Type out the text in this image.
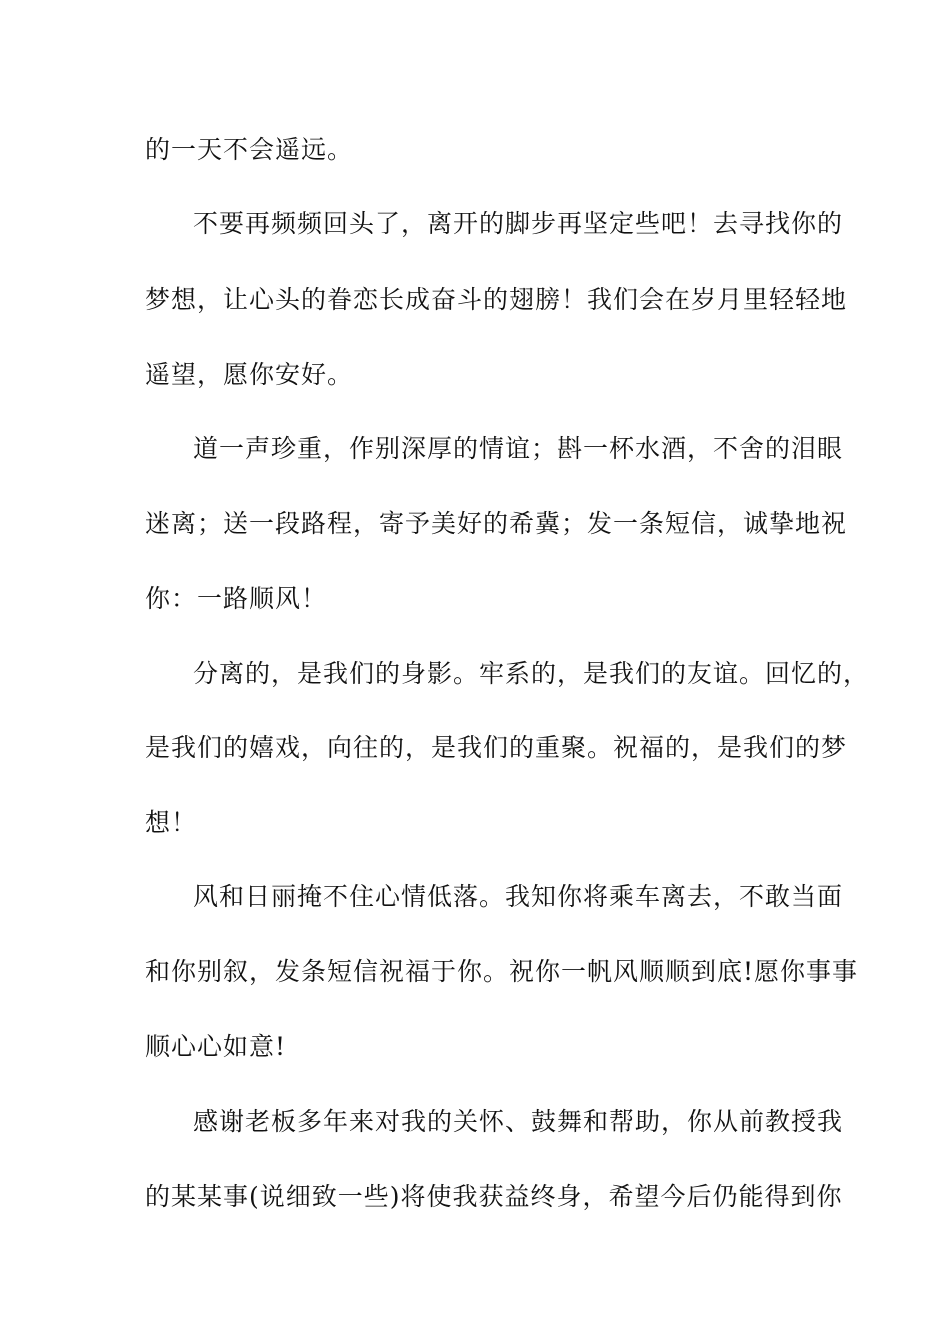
的一天不会遥远。
不要再频频回头了，离开的脚步再坚定些吧！去寻找你的
梦想，让心头的眷恋长成奋斗的翅膀！我们会在岁月里轻轻地
遥望，愿你安好。
道一声珍重，作别深厚的情谊；斟一杯水酒，不舍的泪眼
迷离；送一段路程，寄予美好的希冀；发一条短信，诚挚地祝
你：一路顺风！
分离的，是我们的身影。牢系的，是我们的友谊。回忆的，
是我们的嬉戏，向往的，是我们的重聚。祝福的，是我们的梦
想！
风和日丽掩不住心情低落。我知你将乘车离去，不敢当面
和你别叙，发条短信祝福于你。祝你一帆风顺顺到底!愿你事事
顺心心如意!
感谢老板多年来对我的关怀、鼓舞和帮助，你从前教授我
的某某事(说细致一些)将使我获益终身，希望今后仍能得到你
